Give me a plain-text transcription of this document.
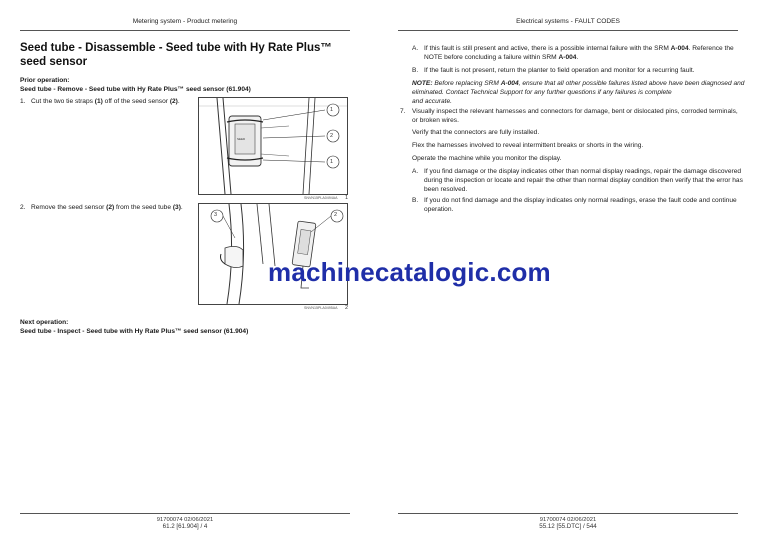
Metering system - Product metering
Seed tube - Disassemble - Seed tube with Hy Rate Plus™ seed sensor
Prior operation:
Seed tube - Remove - Seed tube with Hy Rate Plus™ seed sensor (61.904)
1. Cut the two tie straps (1) off of the seed sensor (2).
SEED
1
2
1
SNVN15PLA0494AA 1
2. Remove the seed sensor (2) from the seed tube (3).
3	2
SNVN15PLA0495AA 2
Next operation:
Seed tube - Inspect - Seed tube with Hy Rate Plus™ seed sensor (61.904)
91700074 02/06/2021
61.2 [61.904] / 4
Electrical systems - FAULT CODES
A. If this fault is still present and active, there is a possible internal failure with the SRM A-004. Reference the
NOTE before concluding a failure within SRM A-004.
B. If the fault is not present, return the planter to field operation and monitor for a recurring fault.
NOTE: Before replacing SRM A-004, ensure that all other possible failures listed above have been diagnosed and
eliminated. Contact Technical Support for any further questions if any failures is complete
and accurate.
7. Visually inspect the relevant harnesses and connectors for damage, bent or dislocated pins, corroded terminals,
or broken wires.
Verify that the connectors are fully installed.
Flex the harnesses involved to reveal intermittent breaks or shorts in the wiring.
Operate the machine while you monitor the display.
A. If you find damage or the display indicates other than normal display readings, repair the damage discovered
during the inspection or locate and repair the other than normal display condition then verify that the error has
been resolved.
B. If you do not find damage and the display indicates only normal readings, erase the fault code and continue
operation.
91700074 02/06/2021
55.12 [55.DTC] / 544
machinecatalogic.com
